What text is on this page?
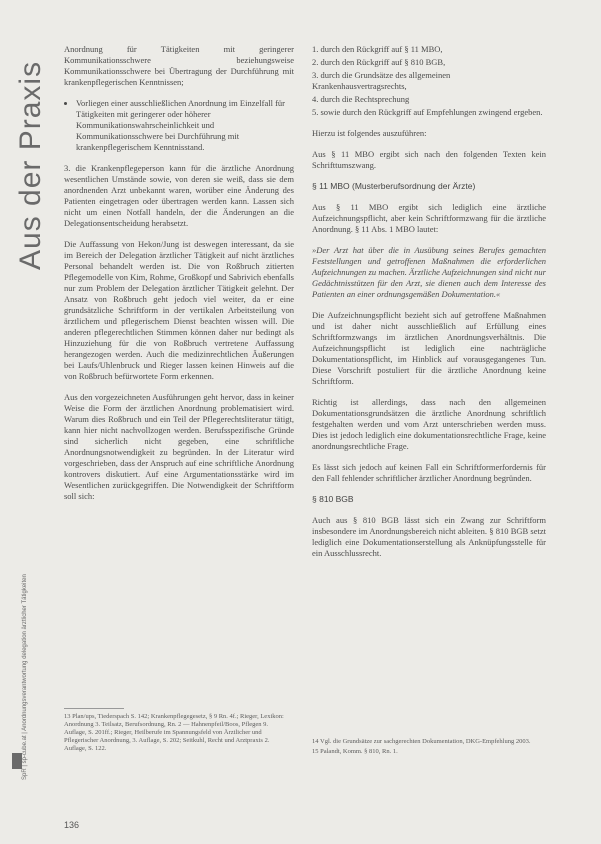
Aus der Praxis
SpR | sp-cube.at | Anordnungsverantwortung delegation ärztlicher Tätigkeiten

Anordnung für Tätigkeiten mit geringerer Kommunikationsschwere beziehungsweise Kommunikationsschwere bei Übertragung der Durchführung mit krankenpflegerischen Kenntnissen;

• Vorliegen einer ausschließlichen Anordnung im Einzelfall für Tätigkeiten mit geringerer oder höherer Kommunikationswahrscheinlichkeit und Kommunikationsschwere bei Durchführung mit krankenpflegerischem Kenntnisstand.

3. die Krankenpflegeperson kann für die ärztliche Anordnung wesentlichen Umstände sowie, von deren sie weiß, dass sie dem anordnenden Arzt unbekannt waren, worüber eine Änderung des Patienten eingetragen oder übertragen werden kann. Lassen sich nicht um einen Notfall handeln, der die Änderungen an die Delegationsentscheidung herabsetzt.

Die Auffassung von Hekon/Jung ist deswegen interessant, da sie im Bereich der Delegation ärztlicher Tätigkeit auf nicht ärztliches Personal behandelt werden ist. Die von Roßbruch zitierten Pflegemodelle von Kim, Rohme, Großkopf und Sabrivich ebenfalls nur zum Problem der Delegation ärztlicher Tätigkeit gelehnt. Der Ansatz von Roßbruch geht jedoch viel weiter, da er eine grundsätzliche Schriftform in der vertikalen Arbeitsteilung von ärztlichem und pflegerischem Dienst beachten wissen will. Die anderen pflegerechtlichen Stimmen können daher nur bedingt als Hinzuziehung für die von Roßbruch vertretene Auffassung herangezogen werden. Auch die medizinrechtlichen Äußerungen bei Laufs/Uhlenbruck und Rieger lassen keinen Hinweis auf die von Roßbruch befürwortete Form erkennen.

Aus den vorgezeichneten Ausführungen geht hervor, dass in keiner Weise die Form der ärztlichen Anordnung problematisiert wird. Warum dies Roßbruch und ein Teil der Pflegerechtsliteratur tätigt, kann hier nicht nachvollzogen werden. Berufsspezifische Gründe sind sicherlich nicht gegeben, eine schriftliche Anordnungsnotwendigkeit zu begründen. In der Literatur wird vorgeschrieben, dass der Anspruch auf eine schriftliche Anordnung kontrovers diskutiert. Auf eine Argumentationsstärke wird im Wesentlichen zurückgegriffen. Die Notwendigkeit der Schriftform soll sich:

13 Plan/ups, Tiederspach S. 142; Krankenpflegegesetz, § 9 Rn. 4f.; Rieger, Lexikon: Anordnung 3. Teilsatz, Berufsordnung, Rn. 2 — Hahnenpfeil/Boos, Pflegen 9. Auflage, S. 201ff.; Rieger, Heilberufe im Spannungsfeld von Ärztlicher und Pflegerischer Anordnung, 3. Auflage, S. 202; Seitkuhl, Recht und Arztpraxis 2. Auflage, S. 122.

1. durch den Rückgriff auf § 11 MBO,
2. durch den Rückgriff auf § 810 BGB,
3. durch die Grundsätze des allgemeinen Krankenhausvertragsrechts,
4. durch die Rechtsprechung
5. sowie durch den Rückgriff auf Empfehlungen zwingend ergeben.

Hierzu ist folgendes auszuführen:

Aus § 11 MBO ergibt sich nach den folgenden Texten kein Schrifttumszwang.

§ 11 MBO (Musterberufsordnung der Ärzte)

Aus § 11 MBO ergibt sich lediglich eine ärztliche Aufzeichnungspflicht, aber kein Schriftformzwang für die ärztliche Anordnung. § 11 Abs. 1 MBO lautet:

»Der Arzt hat über die in Ausübung seines Berufes gemachten Feststellungen und getroffenen Maßnahmen die erforderlichen Aufzeichnungen zu machen. Ärztliche Aufzeichnungen sind nicht nur Gedächtnisstützen für den Arzt, sie dienen auch dem Interesse des Patienten an einer ordnungsgemäßen Dokumentation.«

Die Aufzeichnungspflicht bezieht sich auf getroffene Maßnahmen und ist daher nicht ausschließlich auf Erfüllung eines Schriftformzwangs im ärztlichen Anordnungsverhältnis. Die Aufzeichnungspflicht ist lediglich eine nachträgliche Dokumentationspflicht, im Hinblick auf vorausgegangenes Tun. Diese Vorschrift postuliert für die ärztliche Anordnung keine Schriftform.

Richtig ist allerdings, dass nach den allgemeinen Dokumentationsgrundsätzen die ärztliche Anordnung schriftlich festgehalten werden und vom Arzt unterschrieben werden muss. Dies ist jedoch lediglich eine dokumentationsrechtliche Frage, keine anordnungsrechtliche Frage.

Es lässt sich jedoch auf keinen Fall ein Schriftformerfordernis für den Fall fehlender schriftlicher ärztlicher Anordnung begründen.

§ 810 BGB

Auch aus § 810 BGB lässt sich ein Zwang zur Schriftform insbesondere im Anordnungsbereich nicht ableiten. § 810 BGB setzt lediglich eine Dokumentationserstellung als Anknüpfungsstelle für ein Ausschlussrecht.

14 Vgl. die Grundsätze zur sachgerechten Dokumentation, DKG-Empfehlung 2003.

15 Palandt, Komm. § 810, Rn. 1.

136
